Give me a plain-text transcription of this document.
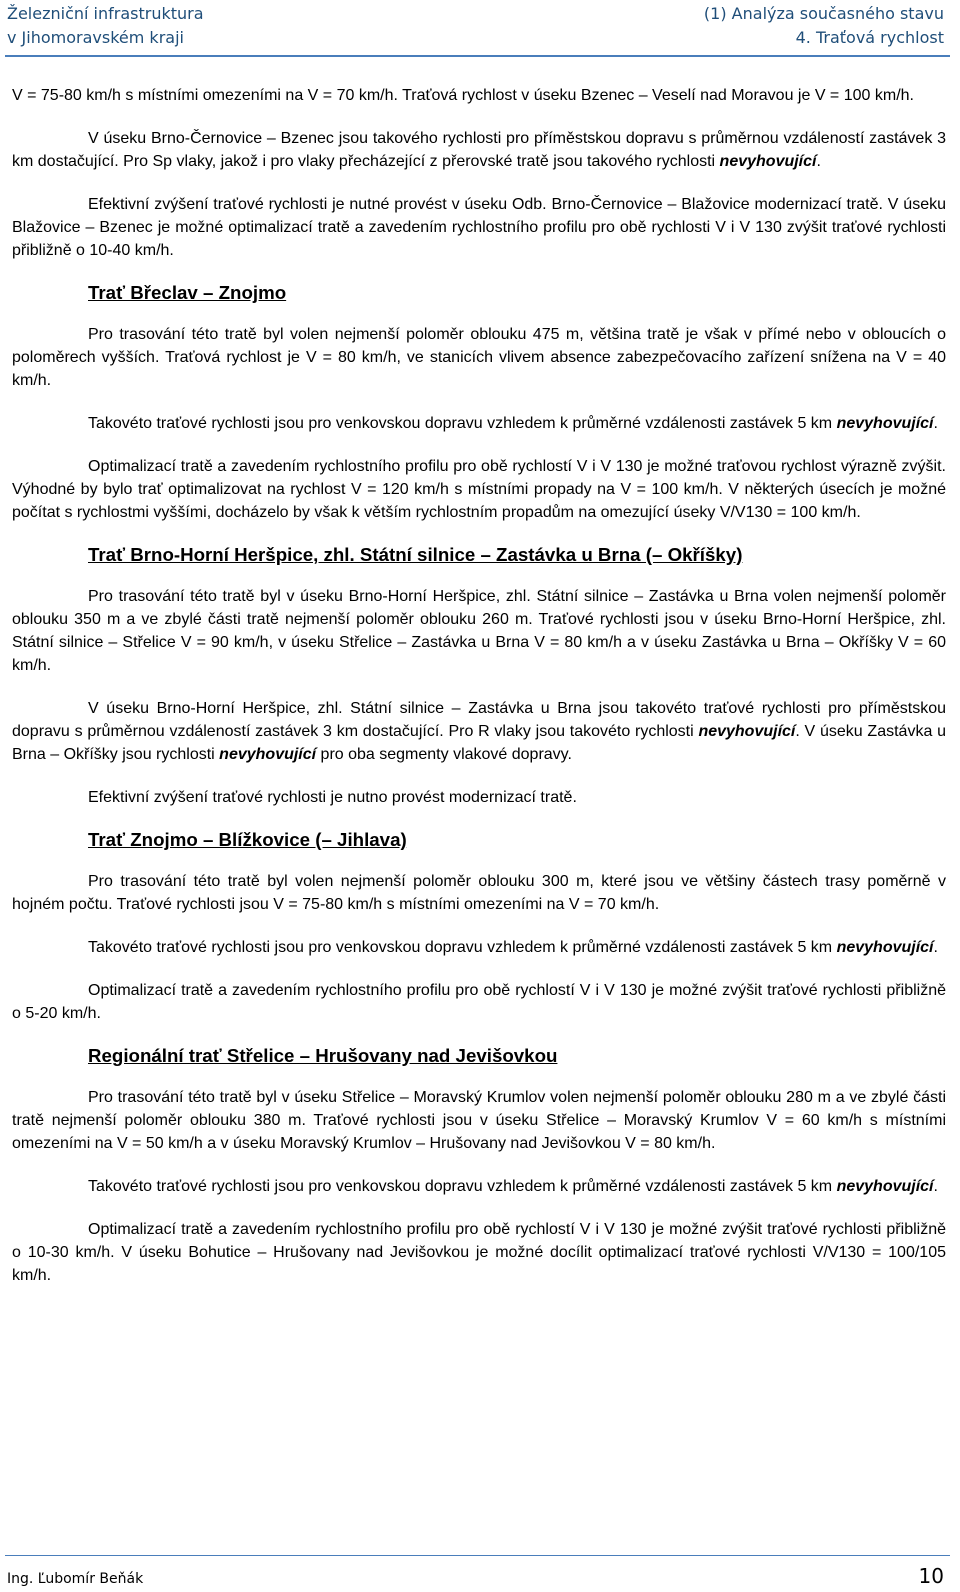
Železniční infrastruktura
v Jihomoravském kraji
(1) Analýza současného stavu
4. Traťová rychlost

V = 75-80 km/h s místními omezeními na V = 70 km/h. Traťová rychlost v úseku Bzenec – Veselí nad Moravou je V = 100 km/h.

V úseku Brno-Černovice – Bzenec jsou takového rychlosti pro příměstskou dopravu s průměrnou vzdáleností zastávek 3 km dostačující. Pro Sp vlaky, jakož i pro vlaky přecházející z přerovské tratě jsou takového rychlosti nevyhovující.

Efektivní zvýšení traťové rychlosti je nutné provést v úseku Odb. Brno-Černovice – Blažovice modernizací tratě. V úseku Blažovice – Bzenec je možné optimalizací tratě a zavedením rychlostního profilu pro obě rychlosti V i V 130 zvýšit traťové rychlosti přibližně o 10-40 km/h.

Trať Břeclav – Znojmo

Pro trasování této tratě byl volen nejmenší poloměr oblouku 475 m, většina tratě je však v přímé nebo v obloucích o poloměrech vyšších. Traťová rychlost je V = 80 km/h, ve stanicích vlivem absence zabezpečovacího zařízení snížena na V = 40 km/h.

Takovéto traťové rychlosti jsou pro venkovskou dopravu vzhledem k průměrné vzdálenosti zastávek 5 km nevyhovující.

Optimalizací tratě a zavedením rychlostního profilu pro obě rychlostí V i V 130 je možné traťovou rychlost výrazně zvýšit. Výhodné by bylo trať optimalizovat na rychlost V = 120 km/h s místními propady na V = 100 km/h. V některých úsecích je možné počítat s rychlostmi vyššími, docházelo by však k větším rychlostním propadům na omezující úseky V/V130 = 100 km/h.

Trať Brno-Horní Heršpice, zhl. Státní silnice – Zastávka u Brna (– Okříšky)

Pro trasování této tratě byl v úseku Brno-Horní Heršpice, zhl. Státní silnice – Zastávka u Brna volen nejmenší poloměr oblouku 350 m a ve zbylé části tratě nejmenší poloměr oblouku 260 m. Traťové rychlosti jsou v úseku Brno-Horní Heršpice, zhl. Státní silnice – Střelice V = 90 km/h, v úseku Střelice – Zastávka u Brna V = 80 km/h a v úseku Zastávka u Brna – Okříšky V = 60 km/h.

V úseku Brno-Horní Heršpice, zhl. Státní silnice – Zastávka u Brna jsou takovéto traťové rychlosti pro příměstskou dopravu s průměrnou vzdáleností zastávek 3 km dostačující. Pro R vlaky jsou takovéto rychlosti nevyhovující. V úseku Zastávka u Brna – Okříšky jsou rychlosti nevyhovující pro oba segmenty vlakové dopravy.

Efektivní zvýšení traťové rychlosti je nutno provést modernizací tratě.

Trať Znojmo – Blížkovice (– Jihlava)

Pro trasování této tratě byl volen nejmenší poloměr oblouku 300 m, které jsou ve většiny částech trasy poměrně v hojném počtu. Traťové rychlosti jsou V = 75-80 km/h s místními omezeními na V = 70 km/h.

Takovéto traťové rychlosti jsou pro venkovskou dopravu vzhledem k průměrné vzdálenosti zastávek 5 km nevyhovující.

Optimalizací tratě a zavedením rychlostního profilu pro obě rychlostí V i V 130 je možné zvýšit traťové rychlosti přibližně o 5-20 km/h.

Regionální trať Střelice – Hrušovany nad Jevišovkou

Pro trasování této tratě byl v úseku Střelice – Moravský Krumlov volen nejmenší poloměr oblouku 280 m a ve zbylé části tratě nejmenší poloměr oblouku 380 m. Traťové rychlosti jsou v úseku Střelice – Moravský Krumlov V = 60 km/h s místními omezeními na V = 50 km/h a v úseku Moravský Krumlov – Hrušovany nad Jevišovkou V = 80 km/h.

Takovéto traťové rychlosti jsou pro venkovskou dopravu vzhledem k průměrné vzdálenosti zastávek 5 km nevyhovující.

Optimalizací tratě a zavedením rychlostního profilu pro obě rychlostí V i V 130 je možné zvýšit traťové rychlosti přibližně o 10-30 km/h. V úseku Bohutice – Hrušovany nad Jevišovkou je možné docílit optimalizací traťové rychlosti V/V130 = 100/105 km/h.

Ing. Ľubomír Beňák	10
